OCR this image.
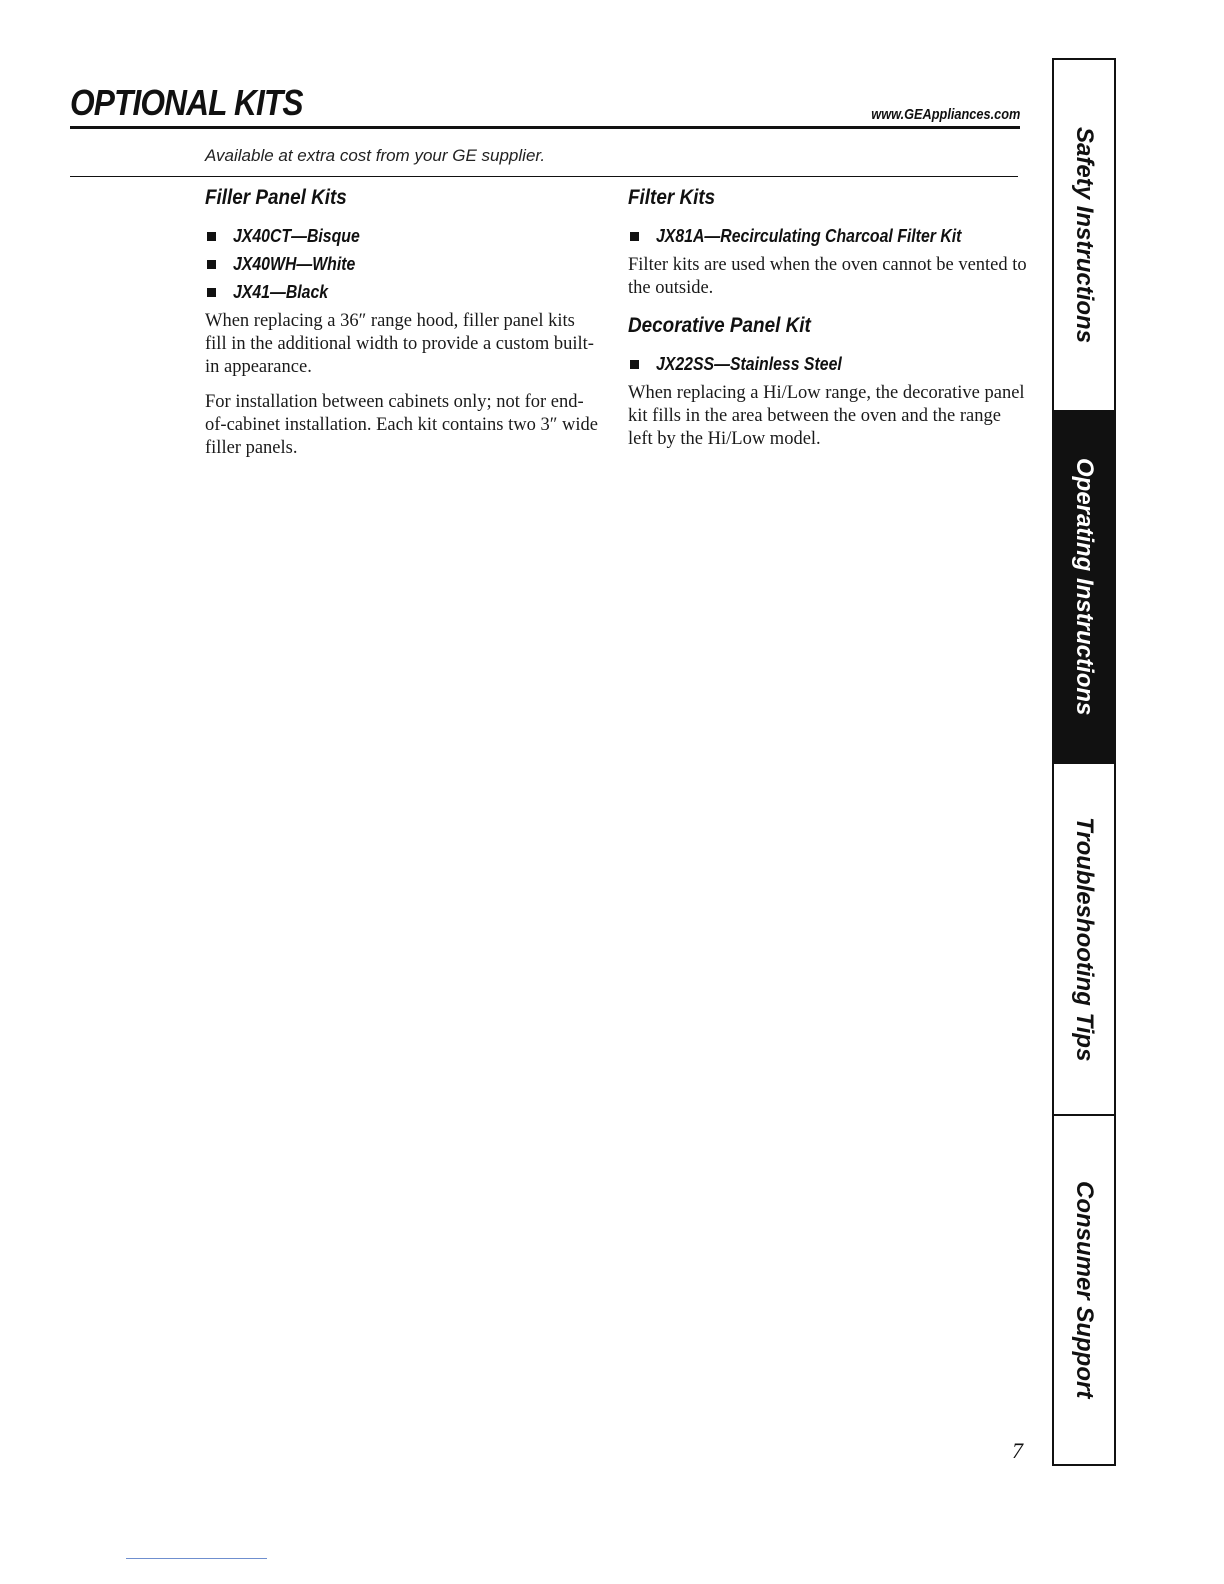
OPTIONAL KITS	www.GEAppliances.com
Available at extra cost from your GE supplier.
Filler Panel Kits
JX40CT—Bisque
JX40WH—White
JX41—Black

When replacing a 36″ range hood, filler panel kits fill in the additional width to provide a custom built-in appearance.

For installation between cabinets only; not for end-of-cabinet installation. Each kit contains two 3″ wide filler panels.

Filter Kits
JX81A—Recirculating Charcoal Filter Kit

Filter kits are used when the oven cannot be vented to the outside.

Decorative Panel Kit
JX22SS—Stainless Steel

When replacing a Hi/Low range, the decorative panel kit fills in the area between the oven and the range left by the Hi/Low model.

7
Safety Instructions
Operating Instructions
Troubleshooting Tips
Consumer Support
